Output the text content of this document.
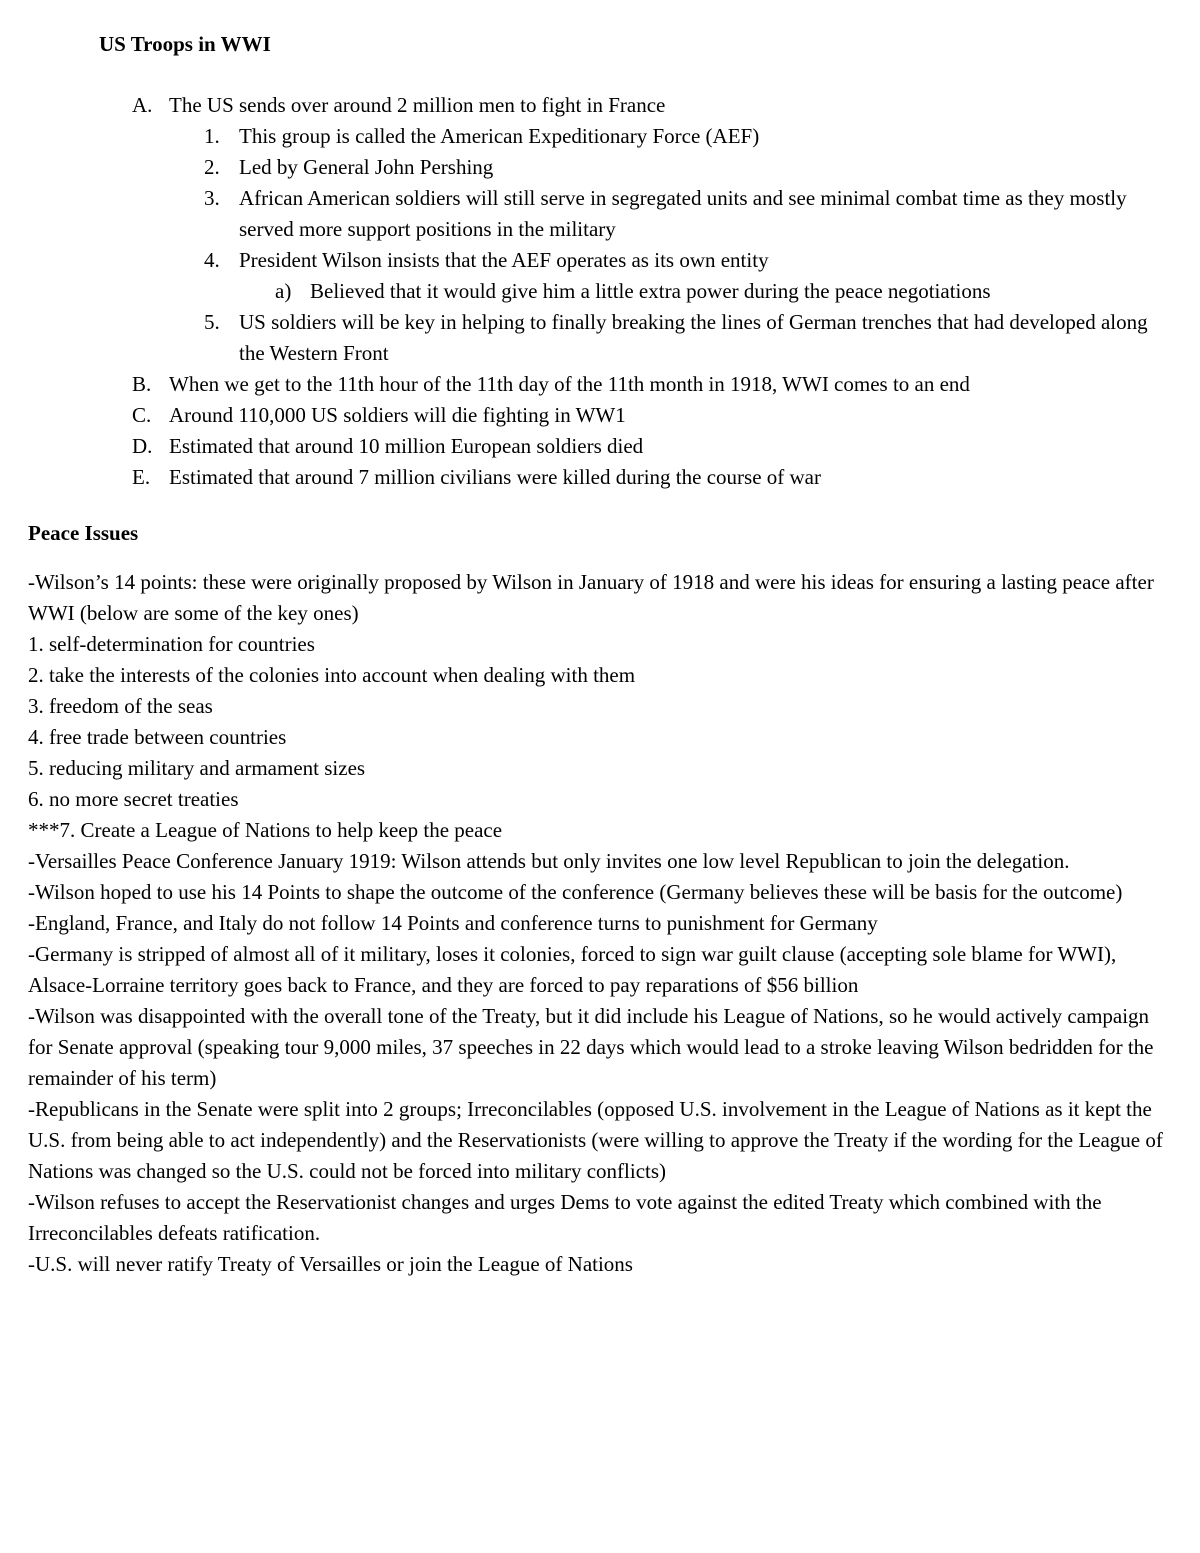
US Troops in WWI
A. The US sends over around 2 million men to fight in France
1. This group is called the American Expeditionary Force (AEF)
2. Led by General John Pershing
3. African American soldiers will still serve in segregated units and see minimal combat time as they mostly served more support positions in the military
4. President Wilson insists that the AEF operates as its own entity
a) Believed that it would give him a little extra power during the peace negotiations
5. US soldiers will be key in helping to finally breaking the lines of German trenches that had developed along the Western Front
B. When we get to the 11th hour of the 11th day of the 11th month in 1918, WWI comes to an end
C. Around 110,000 US soldiers will die fighting in WW1
D. Estimated that around 10 million European soldiers died
E. Estimated that around 7 million civilians were killed during the course of war
Peace Issues
-Wilson’s 14 points: these were originally proposed by Wilson in January of 1918 and were his ideas for ensuring a lasting peace after WWI (below are some of the key ones)
1. self-determination for countries
2. take the interests of the colonies into account when dealing with them
3. freedom of the seas
4. free trade between countries
5. reducing military and armament sizes
6. no more secret treaties
***7. Create a League of Nations to help keep the peace
-Versailles Peace Conference January 1919: Wilson attends but only invites one low level Republican to join the delegation.
-Wilson hoped to use his 14 Points to shape the outcome of the conference (Germany believes these will be basis for the outcome)
-England, France, and Italy do not follow 14 Points and conference turns to punishment for Germany
-Germany is stripped of almost all of it military, loses it colonies, forced to sign war guilt clause (accepting sole blame for WWI), Alsace-Lorraine territory goes back to France, and they are forced to pay reparations of $56 billion
-Wilson was disappointed with the overall tone of the Treaty, but it did include his League of Nations, so he would actively campaign for Senate approval (speaking tour 9,000 miles, 37 speeches in 22 days which would lead to a stroke leaving Wilson bedridden for the remainder of his term)
-Republicans in the Senate were split into 2 groups; Irreconcilables (opposed U.S. involvement in the League of Nations as it kept the U.S. from being able to act independently) and the Reservationists (were willing to approve the Treaty if the wording for the League of Nations was changed so the U.S. could not be forced into military conflicts)
-Wilson refuses to accept the Reservationist changes and urges Dems to vote against the edited Treaty which combined with the Irreconcilables defeats ratification.
-U.S. will never ratify Treaty of Versailles or join the League of Nations
